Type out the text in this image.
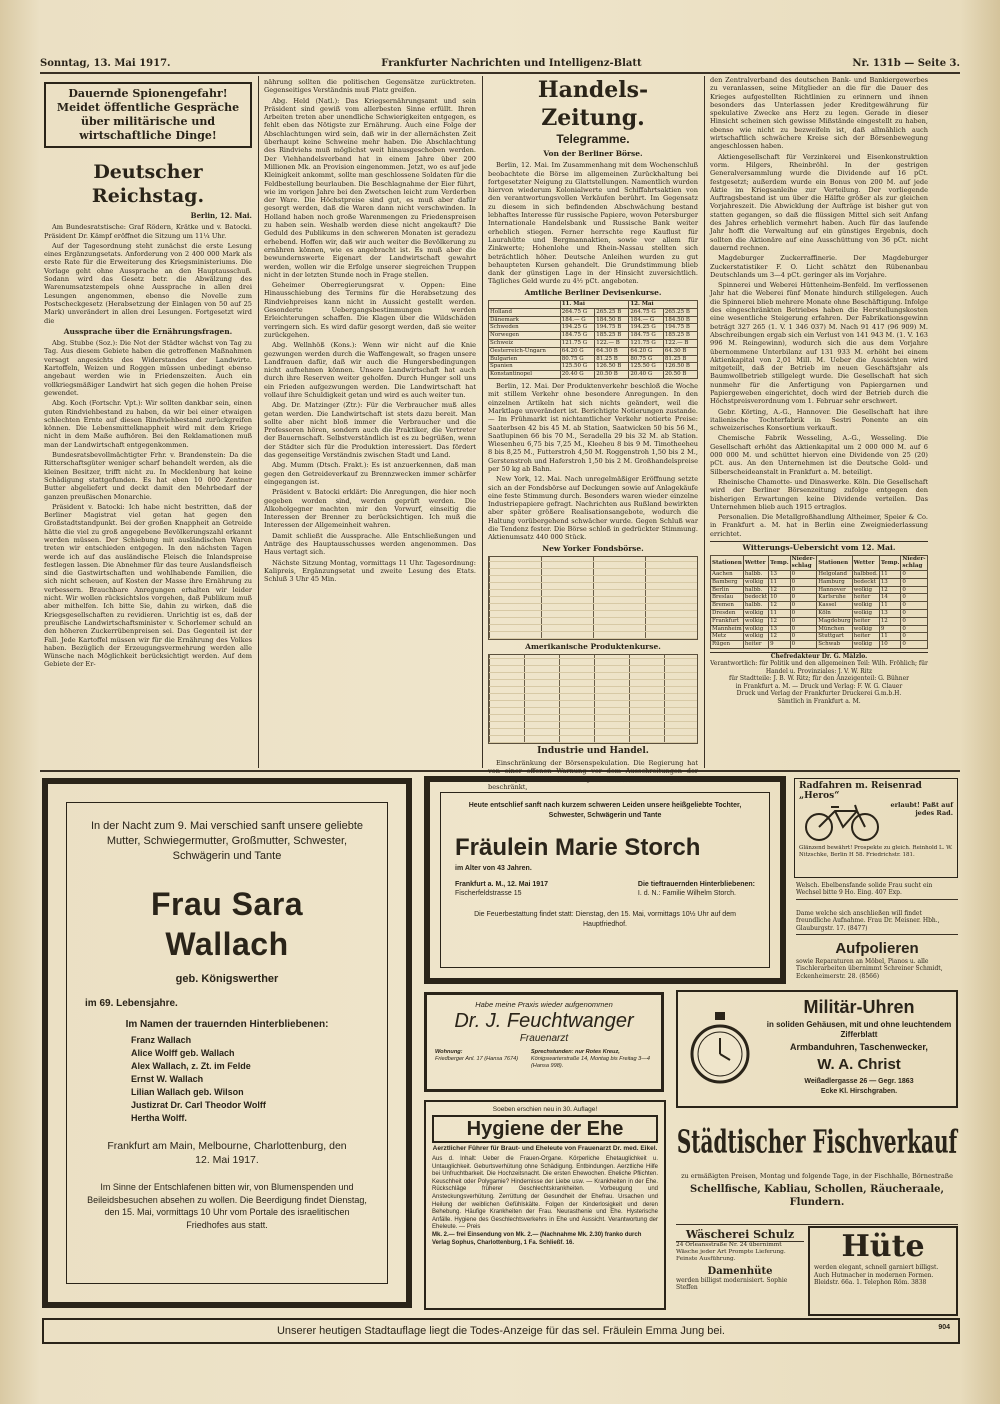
Sonntag, 13. Mai 1917.	Frankfurter Nachrichten und Intelligenz-Blatt	Nr. 131b — Seite 3.
Dauernde Spionengefahr! Meidet öffentliche Gespräche über militärische und wirtschaftliche Dinge!
Deutscher Reichstag.
Berlin, 12. Mai.

Am Bundesratstische: Graf Rödern, Krätke und v. Batocki. Präsident Dr. Kämpf eröffnet die Sitzung um 11¼ Uhr.

Auf der Tagesordnung steht zunächst die erste Lesung eines Ergänzungsetats. Anforderung von 2 400 000 Mark als erste Rate für die Erweiterung des Kriegsministeriums. Die Vorlage geht ohne Aussprache an den Hauptausschuß. Sodann wird das Gesetz betr. die Abwälzung des Warenumsatzstempels ohne Aussprache in allen drei Lesungen angenommen, ebenso die Novelle zum Postscheckgesetz (Herabsetzung der Einlagen von 50 auf 25 Mark) unverändert in allen drei Lesungen. Fortgesetzt wird die

Aussprache über die Ernährungsfragen.

Abg. Stubbe (Soz.): Die Not der Städter wächst von Tag zu Tag. Aus diesem Gebiete haben die getroffenen Maßnahmen versagt angesichts des Widerstandes der Landwirte. Kartoffeln, Weizen und Roggen müssen unbedingt ebenso angebaut werden wie in Friedenszeiten. Auch ein vollkriegsmäßiger Landwirt hat sich gegen die hohen Preise gewendet.

Abg. Koch (Fortschr. Vpt.): Wir sollten dankbar sein, einen guten Rindviehbestand zu haben, da wir bei einer etwaigen schlechten Ernte auf diesen Rindviehbestand zurückgreifen können. Die Lebensmittelknappheit wird mit dem Kriege nicht in dem Maße aufhören. Bei den Reklamationen muß man der Landwirtschaft entgegenkommen.

Bundesratsbevollmächtigter Frhr. v. Brandenstein: Da die Ritterschaftsgüter weniger scharf behandelt werden, als die kleinen Besitzer, trifft nicht zu. In Mecklenburg hat keine Schädigung stattgefunden. Es hat eben 10 000 Zentner Butter abgeliefert und deckt damit den Mehrbedarf der ganzen preußischen Monarchie.

Präsident v. Batocki: Ich habe nicht bestritten, daß der Berliner Magistrat viel getan hat gegen den Großstadtstandpunkt. Bei der großen Knappheit an Getreide hätte die viel zu groß angegebene Bevölkerungszahl erkannt werden müssen. Der Schiebung mit ausländischen Waren treten wir entschieden entgegen. In den nächsten Tagen werde ich auf das ausländische Fleisch die Inlandspreise festlegen lassen. Die Abnehmer für das teure Auslandsfleisch sind die Gastwirtschaften und wohlhabende Familien, die sich nicht scheuen, auf Kosten der Masse ihre Ernährung zu verbessern. Brauchbare Anregungen erhalten wir leider nicht. Wir wollen rücksichtslos vorgehen, daß Publikum muß aber mithelfen. Ich bitte Sie, dahin zu wirken, daß die Kriegsgesellschaften zu revidieren. Unrichtig ist es, daß der preußische Landwirtschaftsminister v. Schorlemer schuld an den höheren Zuckerrübenpreisen sei. Das Gegenteil ist der Fall. Jede Kartoffel müssen wir für die Ernährung des Volkes haben. Bezüglich der Erzeugungsvermehrung werden alle Wünsche nach Möglichkeit berücksichtigt werden. Auf dem Gebiete der Er-

nährung sollten die politischen Gegensätze zurücktreten. Gegenseitiges Verständnis muß Platz greifen.

Abg. Held (Natl.): Das Kriegsernährungsamt und sein Präsident sind gewiß vom allerbesten Sinne erfüllt. Ihren Arbeiten treten aber unendliche Schwierigkeiten entgegen, es fehlt eben das Nötigste zur Ernährung. Auch eine Folge der Abschlachtungen wird sein, daß wir in der allernächsten Zeit überhaupt keine Schweine mehr haben. Die Abschlachtung des Rindviehs muß möglichst weit hinausgeschoben werden. Der Viehhandelsverband hat in einem Jahre über 200 Millionen Mk. an Provision eingenommen. Jetzt, wo es auf jede Kleinigkeit ankommt, sollte man geschlossene Soldaten für die Feldbestellung beurlauben. Die Beschlagnahme der Eier führt, wie im vorigen Jahre bei den Zwetschen leicht zum Verderben der Ware. Die Höchstpreise sind gut, es muß aber dafür gesorgt werden, daß die Waren dann nicht verschwinden. In Holland haben noch große Warenmengen zu Friedenspreisen zu haben sein. Weshalb werden diese nicht angekauft? Die Geduld des Publikums in den schweren Monaten ist geradezu erhebend. Hoffen wir, daß wir auch weiter die Bevölkerung zu ernähren können, wie es angebracht ist. Es muß aber die bewundernswerte Eigenart der Landwirtschaft gewahrt werden, wollen wir die Erfolge unserer siegreichen Truppen nicht in der letzten Stunde noch in Frage stellen.

Geheimer Oberregierungsrat v. Oppen: Eine Hinausschiebung des Termins für die Herabsetzung des Rindviehpreises kann nicht in Aussicht gestellt werden. Gesonderte Uebergangsbestimmungen werden Erleichterungen schaffen. Die Klagen über die Wildschäden verringern sich. Es wird dafür gesorgt werden, daß sie weiter zurückgehen.

Abg. Wellnhöß (Kons.): Wenn wir nicht auf die Knie gezwungen werden durch die Waffengewalt, so fragen unsere Landfrauen dafür, daß wir auch die Hungersbedingungen nicht aufnehmen können. Unsere Landwirtschaft hat auch durch ihre Reserven weiter geholfen. Durch Hunger soll uns ein Frieden aufgezwungen werden. Die Landwirtschaft hat vollauf ihre Schuldigkeit getan und wird es auch weiter tun.

Abg. Dr. Matzinger (Ztr.): Für die Verbraucher muß alles getan werden. Die Landwirtschaft ist stets dazu bereit. Man sollte aber nicht bloß immer die Verbraucher und die Professoren hören, sondern auch die Praktiker, die Vertreter der Bauernschaft. Selbstverständlich ist es zu begrüßen, wenn der Städter sich für die Produktion interessiert. Das fördert das gegenseitige Verständnis zwischen Stadt und Land.

Abg. Mumm (Dtsch. Frakt.): Es ist anzuerkennen, daß man gegen den Getreideverkauf zu Brennzwecken immer schärfer eingegangen ist.

Präsident v. Batocki erklärt: Die Anregungen, die hier noch gegeben worden sind, werden geprüft werden. Die Alkoholgegner machten mir den Vorwurf, einseitig die Interessen der Brenner zu berücksichtigen. Ich muß die Interessen der Allgemeinheit wahren.

Damit schließt die Aussprache. Alle Entschließungen und Anträge des Hauptausschusses werden angenommen. Das Haus vertagt sich.

Nächste Sitzung Montag, vormittags 11 Uhr. Tagesordnung: Kalipreis, Ergänzungsetat und zweite Lesung des Etats. Schluß 3 Uhr 45 Min.

Handels-Zeitung.
Telegramme.
Von der Berliner Börse.

Berlin, 12. Mai. Im Zusammenhang mit dem Wochenschluß beobachtete die Börse im allgemeinen Zurückhaltung bei fortgesetzter Neigung zu Glattstellungen. Namentlich wurden hiervon wiederum Kolonialwerte und Schiffahrtsaktien von den verantwortungsvollen Verkäufen berührt. Im Gegensatz zu diesem in sich befindenden Abschwächung bestand lebhaftes Interesse für russische Papiere, wovon Petersburger Internationale Handelsbank und Russische Bank weiter erheblich stiegen. Ferner herrschte rege Kauflust für Laurahütte und Bergmannaktien, sowie vor allem für Zinkwerte; Hohenlohe und Rhein-Nassau stellten sich beträchtlich höher. Deutsche Anleihen wurden zu gut behaupteten Kursen gehandelt. Die Grundstimmung blieb dank der günstigen Lage in der Hinsicht zuversichtlich. Tägliches Geld wurde zu 4½ pCt. angeboten.

Amtliche Berliner Devisenkurse.
	11. Mai		12. Mai	
Holland	264.75 G	265.25 B	264.75 G	265.25 B
Dänemark	184.— G	184.50 B	184.— G	184.50 B
Schweden	194.25 G	194.75 B	194.25 G	194.75 B
Norwegen	184.75 G	185.25 B	184.75 G	185.25 B
Schweiz	121.75 G	122.— B	121.75 G	122.— B
Oesterreich-Ungarn	64.20 G	64.30 B	64.20 G	64.30 B
Bulgarien	80.75 G	81.25 B	80.75 G	81.25 B
Spanien	125.50 G	126.50 B	125.50 G	126.50 B
Konstantinopel	20.40 G	20.50 B	20.40 G	20.50 B

Berlin, 12. Mai. Der Produktenverkehr beschloß die Woche mit stillem Verkehr ohne besondere Anregungen. In den einzelnen Artikeln hat sich nichts geändert, weil die Marktlage unverändert ist. Berichtigte Notierungen zustande. — Im Frühmarkt ist nichtamtlicher Verkehr notierte Preise: Saaterbsen 42 bis 45 M. ab Station, Saatwicken 50 bis 56 M., Saatlupinen 66 bis 70 M., Seradella 29 bis 32 M. ab Station. Wiesenheu 6,75 bis 7,25 M., Kleeheu 8 bis 9 M. Timotheeheu 8 bis 8,25 M., Futterstroh 4,50 M. Roggenstroh 1,50 bis 2 M., Gerstenstroh und Haferstroh 1,50 bis 2 M. Großhandelspreise per 50 kg ab Bahn.

New York, 12. Mai. Nach unregelmäßiger Eröffnung setzte sich an der Fondsbörse auf Deckungen sowie auf Anlagekäufe eine feste Stimmung durch. Besonders waren wieder einzelne Industriepapiere gefragt. Nachrichten aus Rußland bewirkten aber später größere Realisationsangebote, wodurch die Haltung vorübergehend schwächer wurde. Gegen Schluß war die Tendenz fester. Die Börse schloß in gedrückter Stimmung. Aktienumsatz 440 000 Stück.

New Yorker Fondsbörse.
Amerikanische Produktenkurse.
Industrie und Handel.

Einschränkung der Börsenspekulation. Die Regierung hat von einer offenen Warnung vor dem Ausschreitungen der Börsenspekulation Abstand genommen, sie hat sich darauf beschränkt,

den Zentralverband des deutschen Bank- und Bankiergewerbes zu veranlassen, seine Mitglieder an die für die Dauer des Krieges aufgestellten Richtlinien zu erinnern und ihnen besonders das Unterlassen jeder Kreditgewährung für spekulative Zwecke ans Herz zu legen. Gerade in dieser Hinsicht scheinen sich gewisse Mißstände eingestellt zu haben, ebenso wie nicht zu bezweifeln ist, daß allmählich auch wirtschaftlich schwächere Kreise sich der Börsenbewegung angeschlossen haben.

Aktiengesellschaft für Verzinkerei und Eisenkonstruktion vorm. Hilgers, Rheinbröhl. In der gestrigen Generalversammlung wurde die Dividende auf 16 pCt. festgesetzt; außerdem wurde ein Bonus von 200 M. auf jede Aktie im Kriegsanleihe zur Verteilung. Der vorliegende Auftragsbestand ist um über die Hälfte größer als zur gleichen Vorjahreszeit. Die Abwicklung der Aufträge ist bisher gut von statten gegangen, so daß die flüssigen Mittel sich seit Anfang des Jahres erheblich vermehrt haben. Auch für das laufende Jahr hofft die Verwaltung auf ein günstiges Ergebnis, doch sollten die Aktionäre auf eine Ausschüttung von 36 pCt. nicht dauernd rechnen.

Magdeburger Zuckerraffinerie. Der Magdeburger Zuckerstatistiker F. O. Licht schätzt den Rübenanbau Deutschlands um 3—4 pCt. geringer als im Vorjahre.

Spinnerei und Weberei Hüttenheim-Benfeld. Im verflossenen Jahr hat die Weberei fünf Monate hindurch stillgelegen. Auch die Spinnerei blieb mehrere Monate ohne Beschäftigung. Infolge des eingeschränkten Betriebes haben die Herstellungskosten eine wesentliche Steigerung erfahren. Der Fabrikationsgewinn beträgt 327 265 (1. V. 1 346 037) M. Nach 91 417 (96 909) M. Abschreibungen ergab sich ein Verlust von 141 943 M. (1. V. 163 996 M. Reingewinn), wodurch sich die aus dem Vorjahre übernommene Unterbilanz auf 131 933 M. erhöht bei einem Aktienkapital von 2,01 Mill. M. Ueber die Aussichten wird mitgeteilt, daß der Betrieb im neuen Geschäftsjahr als Baumwollbetrieb stillgelegt wurde. Die Gesellschaft hat sich nunmehr für die Anfertigung von Papiergarnen und Papiergeweben eingerichtet, doch wird der Betrieb durch die Höchstpreisverordnung vom 1. Februar sehr erschwert.

Gebr. Körting, A.-G., Hannover. Die Gesellschaft hat ihre italienische Tochterfabrik in Sestri Ponente an ein schweizerisches Konsortium verkauft.

Chemische Fabrik Wesseling, A.-G., Wesseling. Die Gesellschaft erhöht das Aktienkapital um 2 000 000 M. auf 6 000 000 M. und schüttet hiervon eine Dividende von 25 (20) pCt. aus. An den Unternehmen ist die Deutsche Gold- und Silberscheideanstalt in Frankfurt a. M. beteiligt.

Rheinische Chamotte- und Dinaswerke. Köln. Die Gesellschaft wird der Berliner Börsenzeitung zufolge entgegen den bisherigen Erwartungen keine Dividende verteilen. Das Unternehmen blieb auch 1915 ertraglos.

Personalien. Die Metallgroßhandlung Altheimer, Speier & Co. in Frankfurt a. M. hat in Berlin eine Zweigniederlassung errichtet.

Witterungs-Uebersicht vom 12. Mai.
Stationen	Wetter	Temp.	Nieder-schlag	Stationen	Wetter	Temp.	Nieder-schlag
Aachen	halbb.	13	0	Helgoland	halbbed.	11	0
Bamberg	wolkig	11	0	Hamburg	bedeckt	13	0
Berlin	halbb.	12	0	Hannover	wolkig	12	0
Breslau	bedeckt	10	0	Karlsruhe	heiter	14	0
Bremen	halbb.	12	0	Kassel	wolkig	11	0
Dresden	wolkig	11	0	Köln	wolkig	13	0
Frankfurt	wolkig	12	0	Magdeburg	heiter	12	0
Mannheim	wolkig	13	0	München	wolkig	9	0
Metz	wolkig	12	0	Stuttgart	heiter	11	0
Rügen	heiter	9	0	Schwab	wolkig	10	0
Chefredakteur Dr. G. Mälzlo.
Verantwortlich: für Politik und den allgemeinen Teil: Wilh. Fröhlich; für Handel u. Provinziales: J. V. W. Ritz
für Stadtteile: J. B. W. Ritz; für den Anzeigenteil: G. Bühner
in Frankfurt a. M. — Druck und Verlag: F. W. G. Clauer
Druck und Verlag der Frankfurter Druckerei G.m.b.H.
Sämtlich in Frankfurt a. M.
In der Nacht zum 9. Mai verschied sanft unsere geliebte Mutter, Schwiegermutter, Großmutter, Schwester, Schwägerin und Tante
Frau Sara Wallach
geb. Königswerther
im 69. Lebensjahre.
Im Namen der trauernden Hinterbliebenen:
Franz Wallach
Alice Wolff geb. Wallach
Alex Wallach, z. Zt. im Felde
Ernst W. Wallach
Lilian Wallach geb. Wilson
Justizrat Dr. Carl Theodor Wolff
Hertha Wolff.
Frankfurt am Main, Melbourne, Charlottenburg, den 12. Mai 1917.
Im Sinne der Entschlafenen bitten wir, von Blumenspenden und Beileidsbesuchen absehen zu wollen. Die Beerdigung findet Dienstag, den 15. Mai, vormittags 10 Uhr vom Portale des israelitischen Friedhofes aus statt.
Heute entschlief sanft nach kurzem schweren Leiden unsere heißgeliebte Tochter, Schwester, Schwägerin und Tante
Fräulein Marie Storch
im Alter von 43 Jahren.
Frankfurt a. M., 12. Mai 1917
Fischerfeldstrasse 15
Die tieftrauernden Hinterbliebenen:
I. d. N.: Familie Wilhelm Storch.
Die Feuerbestattung findet statt: Dienstag, den 15. Mai, vormittags 10½ Uhr auf dem Hauptfriedhof.
Habe meine Praxis wieder aufgenommen
Dr. J. Feuchtwanger
Frauenarzt
Wohnung:
Friedberger Anl. 17 (Hansa 7674)
Sprechstunden: nur Rotes Kreuz,
Königswarterstraße 14, Montag bis Freitag 3—4 (Hansa 998).
Soeben erschien neu in 30. Auflage!
Hygiene der Ehe
Aerztlicher Führer für Braut- und Eheleute von Frauenarzt Dr. med. Eikel.
Aus d. Inhalt: Ueber die Frauen-Organe. Körperliche Ehetauglichkeit u. Untauglichkeit. Geburtsverhütung ohne Schädigung. Entbindungen. Aerztliche Hilfe bei Unfruchtbarkeit. Die Hochzeitsnacht. Die ersten Ehewochen. Eheliche Pflichten. Keuschheit oder Polygamie? Hindernisse der Liebe usw. — Krankheiten in der Ehe. Rückschläge früherer Geschlechtskrankheiten. Vorbeugung und Ansteckungsverhütung. Zerrüttung der Gesundheit der Ehefrau. Ursachen und Heilung der weiblichen Gefühlskälte. Folgen der Kinderlosigkeit und deren Behebung. Häufige Krankheiten der Frau. Neurasthenie und Ehe. Hysterische Anfälle. Hygiene des Geschlechtsverkehrs in Ehe und Aussicht. Verantwortung der Eheleute. — Preis
Mk. 2.— frei Einsendung von Mk. 2.— (Nachnahme Mk. 2.30) franko durch Verlag Sophus, Charlottenburg, 1 Fa. Schließf. 16.
Radfahren m. Reisenrad „Heros“
erlaubt! Paßt auf jedes Rad.
Glänzend bewährt! Prospekte zu gleich. Reinhold L. W. Nitzschke, Berlin H 58. Friedrichstr. 181.
Welsch. Ebelbensfande solide Frau sucht ein Wechsel bitte 9 Ho. Eing. 407 Exp.
Dame welche sich anschließen will findet freundliche Aufnahme. Frau Dr. Meisner. Hbh., Glauburgstr. 17. (8477)
Aufpolieren
sowie Reparaturen an Möbel, Pianos u. alle Tischlerarbeiten übernimmt Schreiner Schmidt, Eckenheimerstr. 28. (8566)
Militär-Uhren
in soliden Gehäusen, mit und ohne leuchtendem Zifferblatt
Armbanduhren, Taschenwecker,
W. A. Christ
Weißadlergasse 26 — Gegr. 1863
Ecke Kl. Hirschgraben.
Städtischer Fischverkauf
zu ermäßigten Preisen, Montag und folgende Tage, in der Fischhalle, Börnestraße
Schellfische, Kabliau, Schollen, Räucheraale, Flundern.
Wäscherei Schulz
24 Orleansstraße Nr. 24 übernimmt Wäsche jeder Art Prompte Lieferung. Feinste Ausführung.
Damenhüte
werden billigst modernisiert. Sophie Steffen
Hüte
werden elegant, schnell garniert billigst. Auch Hutmacher in modernen Formen. Bleidstr. 66a. 1. Telephon Röm. 3838
Unserer heutigen Stadtauflage liegt die Todes-Anzeige für das sel. Fräulein Emma Jung bei.	904
